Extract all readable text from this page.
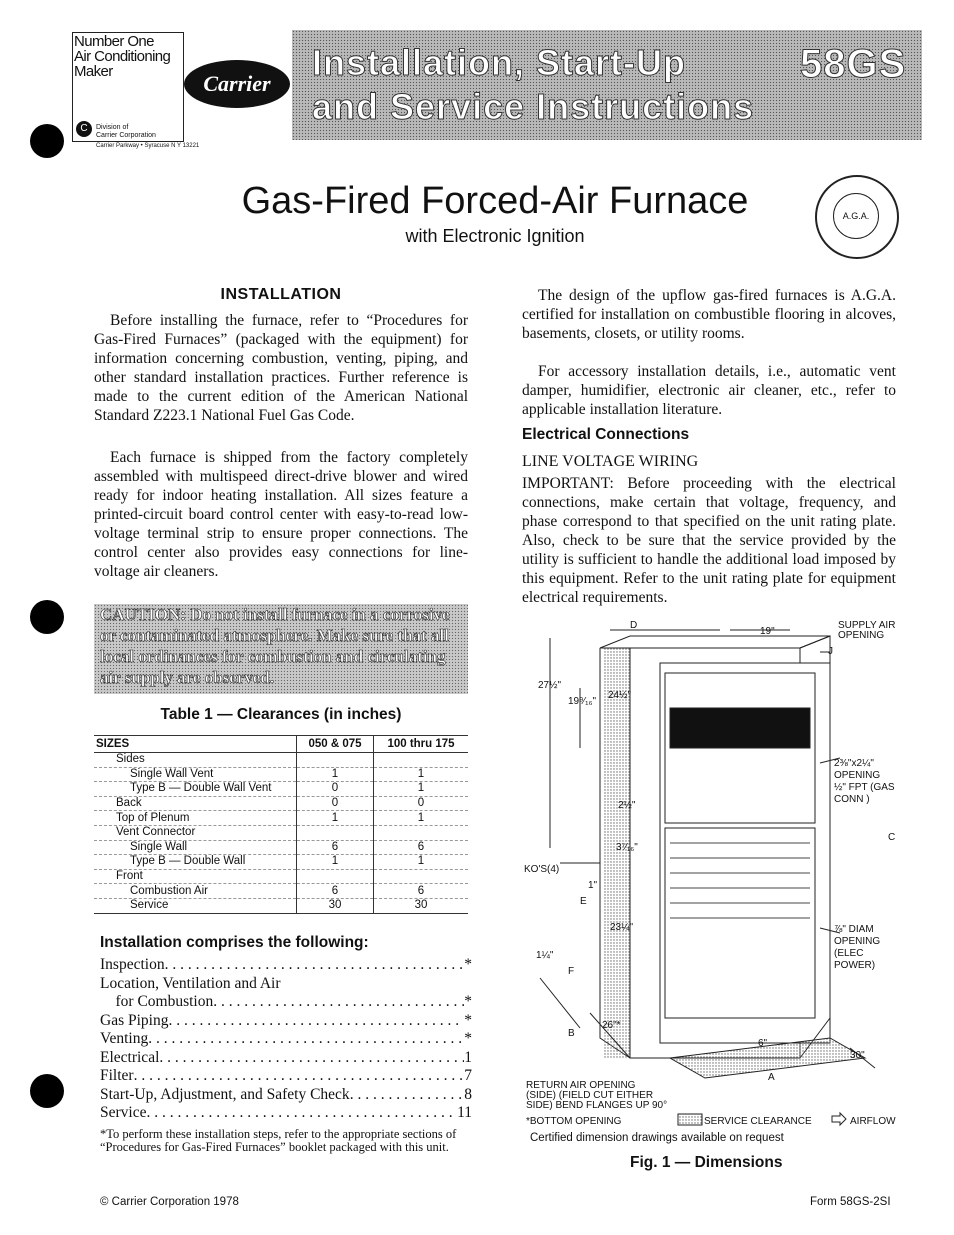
Number One
Air Conditioning
Maker	Carrier
C	Division of
Carrier Corporation
Carrier Parkway • Syracuse N Y 13221
Installation, Start-Up
and Service Instructions
58GS
Gas-Fired Forced-Air Furnace
with Electronic Ignition
A.G.A.
INSTALLATION
Before installing the furnace, refer to “Procedures for Gas-Fired Furnaces” (packaged with the equipment) for information concerning combustion, venting, piping, and other standard installation practices. Further reference is made to the current edition of the American National Standard Z223.1 National Fuel Gas Code.
Each furnace is shipped from the factory completely assembled with multispeed direct-drive blower and wired ready for indoor heating installation. All sizes feature a printed-circuit board control center with easy-to-read low-voltage terminal strip to ensure proper connections. The control center also provides easy connections for line-voltage air cleaners.
CAUTION: Do not install furnace in a corrosive or contaminated atmosphere. Make sure that all local ordinances for combustion and circulating air supply are observed.
Table 1 — Clearances (in inches)
SIZES	050 & 075	100 thru 175
Sides		
Single Wall Vent	1	1
Type B — Double Wall Vent	0	1
Back	0	0
Top of Plenum	1	1
Vent Connector		
Single Wall	6	6
Type B — Double Wall	1	1
Front		
Combustion Air	6	6
Service	30	30
Installation comprises the following:
Inspection . . .	*
Location, Ventilation and Air
 for Combustion . . .	*
Gas Piping . . .	*
Venting . . .	*
Electrical . . .	1
Filter . . .	7
Start-Up, Adjustment, and Safety Check . . .	8
Service . . .	11
*To perform these installation steps, refer to the appropriate sections of “Procedures for Gas-Fired Furnaces” booklet packaged with this unit.
The design of the upflow gas-fired furnaces is A.G.A. certified for installation on combustible flooring in alcoves, basements, closets, or utility rooms.
For accessory installation details, i.e., automatic vent damper, humidifier, electronic air cleaner, etc., refer to applicable installation literature.
Electrical Connections
LINE VOLTAGE WIRING
IMPORTANT: Before proceeding with the electrical connections, make certain that voltage, frequency, and phase correspond to that specified on the unit rating plate. Also, check to be sure that the service provided by the utility is sufficient to handle the additional load imposed by this equipment. Refer to the unit rating plate for equipment electrical requirements.
D
19"
SUPPLY AIR
OPENING
J
27½"
19⁹⁄₁₆"
24½"
2½"
2⅜"x2¼"
OPENING
½" FPT (GAS
CONN )
C
3⁷⁄₁₆"
KO'S(4)
1"
E
23¼"
1¼"
F
⅞" DIAM
OPENING
(ELEC
POWER)
B
26"*
6"
30"
A
RETURN AIR OPENING
(SIDE) (FIELD CUT EITHER
SIDE) BEND FLANGES UP 90°
*BOTTOM OPENING	SERVICE CLEARANCE	AIRFLOW
Certified dimension drawings available on request
Fig. 1 — Dimensions
© Carrier Corporation 1978	Form 58GS-2SI
